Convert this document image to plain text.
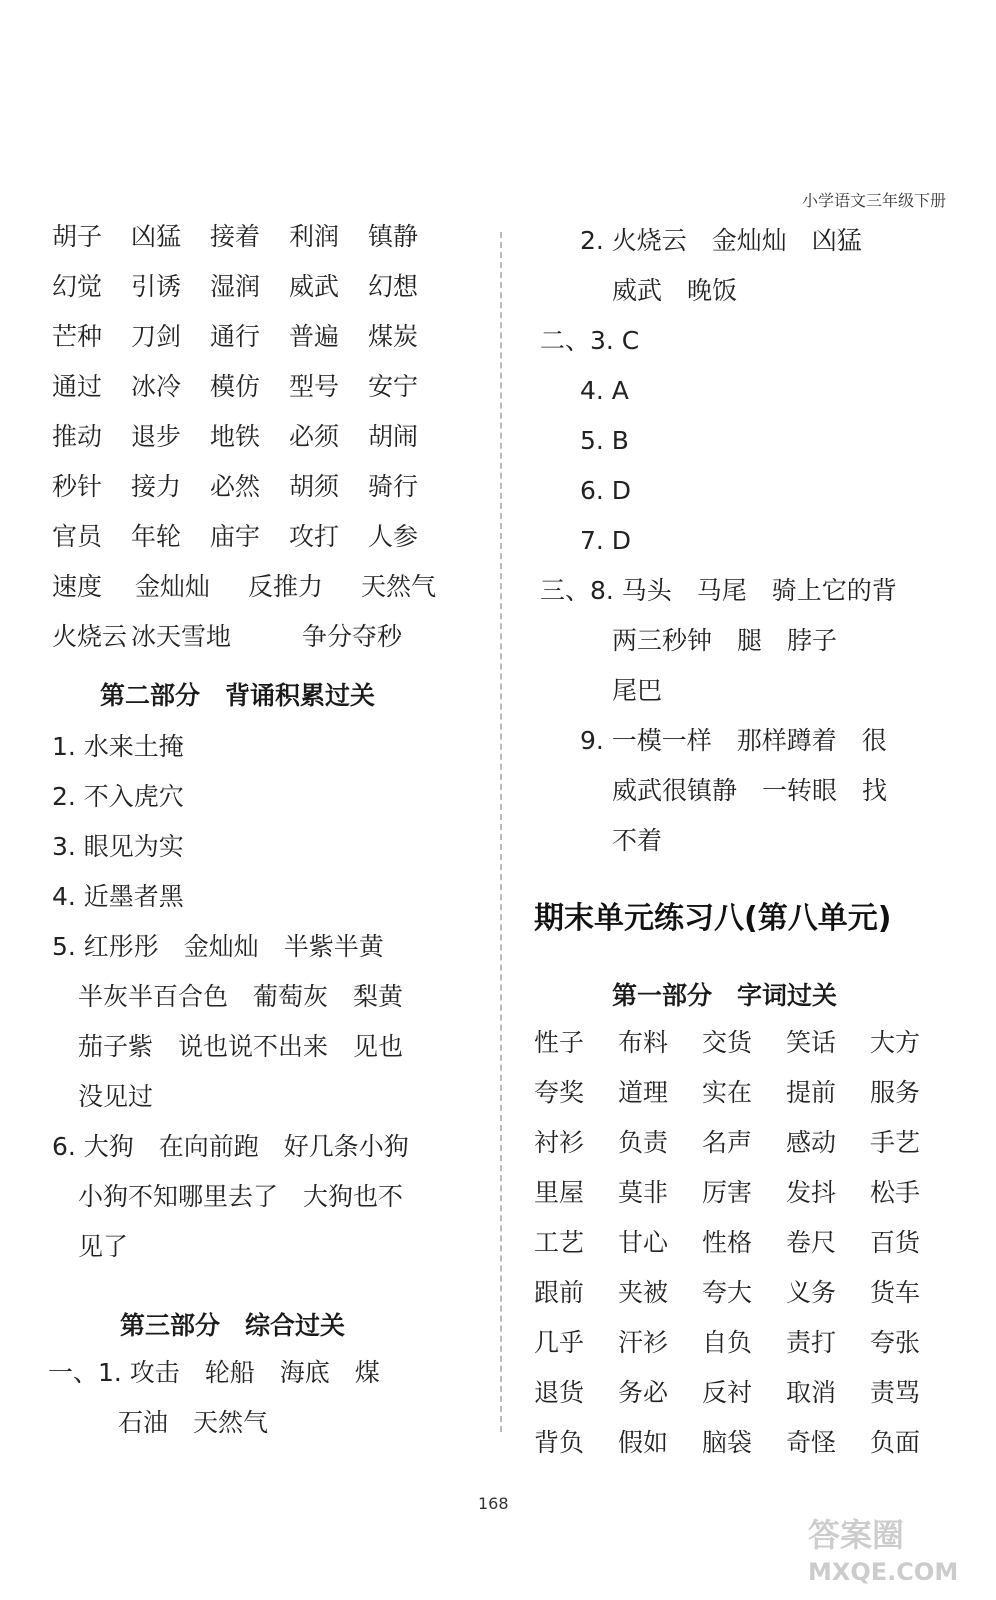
小学语文三年级下册
胡子	凶猛	接着	利润	镇静
幻觉	引诱	湿润	威武	幻想
芒种	刀剑	通行	普遍	煤炭
通过	冰冷	模仿	型号	安宁
推动	退步	地铁	必须	胡闹
秒针	接力	必然	胡须	骑行
官员	年轮	庙宇	攻打	人参
速度	金灿灿	反推力	天然气
火烧云 冰天雪地	争分夺秒
第二部分　背诵积累过关
1. 水来土掩
2. 不入虎穴
3. 眼见为实
4. 近墨者黑
5. 红彤彤　金灿灿　半紫半黄
半灰半百合色　葡萄灰　梨黄
茄子紫　说也说不出来　见也
没见过
6. 大狗　在向前跑　好几条小狗
小狗不知哪里去了　大狗也不
见了
第三部分　综合过关
一、1. 攻击　轮船　海底　煤
石油　天然气
2. 火烧云　金灿灿　凶猛
威武　晚饭
二、3. C
4. A
5. B
6. D
7. D
三、8. 马头　马尾　骑上它的背
两三秒钟　腿　脖子
尾巴
9. 一模一样　那样蹲着　很
威武很镇静　一转眼　找
不着
期末单元练习八(第八单元)
第一部分　字词过关
性子	布料	交货	笑话	大方
夸奖	道理	实在	提前	服务
衬衫	负责	名声	感动	手艺
里屋	莫非	厉害	发抖	松手
工艺	甘心	性格	卷尺	百货
跟前	夹被	夸大	义务	货车
几乎	汗衫	自负	责打	夸张
退货	务必	反衬	取消	责骂
背负	假如	脑袋	奇怪	负面
168
答案圈
MXQE.COM
